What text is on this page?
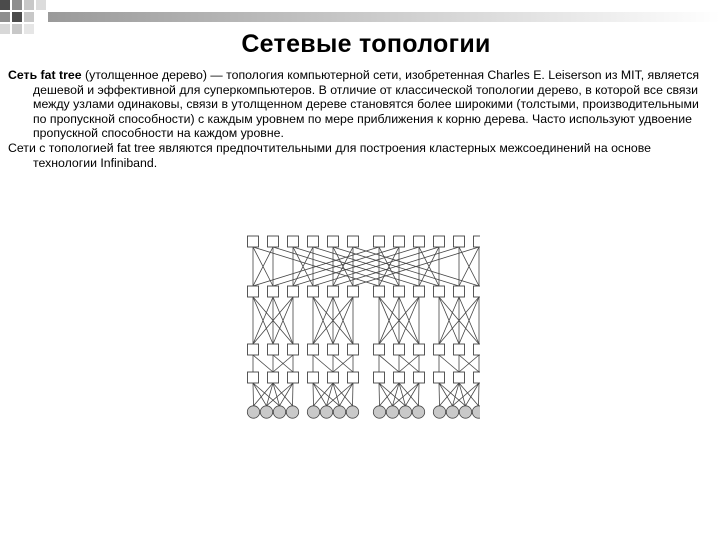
Сетевые топологии

Сеть fat tree (утолщенное дерево) — топология компьютерной сети, изобретенная Charles E. Leiserson из MIT, является дешевой и эффективной для суперкомпьютеров. В отличие от классической топологии дерево, в которой все связи между узлами одинаковы, связи в утолщенном дереве становятся более широкими (толстыми, производительными по пропускной способности) с каждым уровнем по мере приближения к корню дерева. Часто используют удвоение пропускной способности на каждом уровне.

Сети с топологией fat tree являются предпочтительными для построения кластерных межсоединений на основе технологии Infiniband.
